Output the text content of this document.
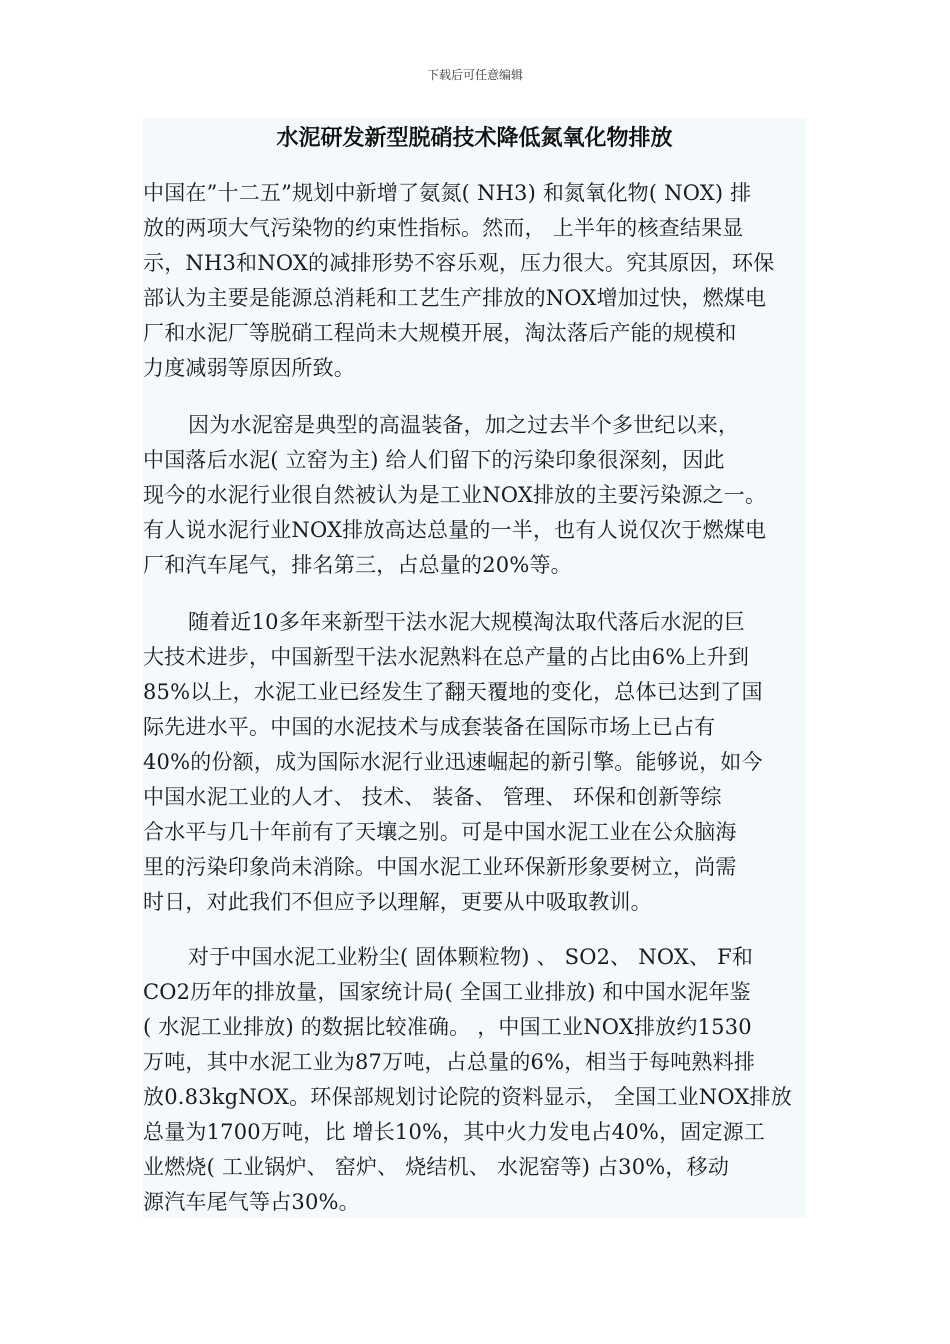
下载后可任意编辑
水泥研发新型脱硝技术降低氮氧化物排放
中国在”十二五”规划中新增了氨氮( NH3) 和氮氧化物( NOX) 排
放的两项大气污染物的约束性指标。然而， 上半年的核查结果显
示，NH3和NOX的减排形势不容乐观，压力很大。究其原因，环保
部认为主要是能源总消耗和工艺生产排放的NOX增加过快，燃煤电
厂和水泥厂等脱硝工程尚未大规模开展，淘汰落后产能的规模和
力度减弱等原因所致。
因为水泥窑是典型的高温装备，加之过去半个多世纪以来，
中国落后水泥( 立窑为主) 给人们留下的污染印象很深刻，因此
现今的水泥行业很自然被认为是工业NOX排放的主要污染源之一。
有人说水泥行业NOX排放高达总量的一半，也有人说仅次于燃煤电
厂和汽车尾气，排名第三，占总量的20%等。
随着近10多年来新型干法水泥大规模淘汰取代落后水泥的巨
大技术进步，中国新型干法水泥熟料在总产量的占比由6%上升到
85%以上，水泥工业已经发生了翻天覆地的变化，总体已达到了国
际先进水平。中国的水泥技术与成套装备在国际市场上已占有
40%的份额，成为国际水泥行业迅速崛起的新引擎。能够说，如今
中国水泥工业的人才、 技术、 装备、 管理、 环保和创新等综
合水平与几十年前有了天壤之别。可是中国水泥工业在公众脑海
里的污染印象尚未消除。中国水泥工业环保新形象要树立，尚需
时日，对此我们不但应予以理解，更要从中吸取教训。
对于中国水泥工业粉尘( 固体颗粒物) 、 SO2、 NOX、 F和
CO2历年的排放量，国家统计局( 全国工业排放) 和中国水泥年鉴
( 水泥工业排放) 的数据比较准确。 ，中国工业NOX排放约1530
万吨，其中水泥工业为87万吨，占总量的6%，相当于每吨熟料排
放0.83kgNOX。环保部规划讨论院的资料显示， 全国工业NOX排放
总量为1700万吨，比 增长10%，其中火力发电占40%，固定源工
业燃烧( 工业锅炉、 窑炉、 烧结机、 水泥窑等) 占30%，移动
源汽车尾气等占30%。
